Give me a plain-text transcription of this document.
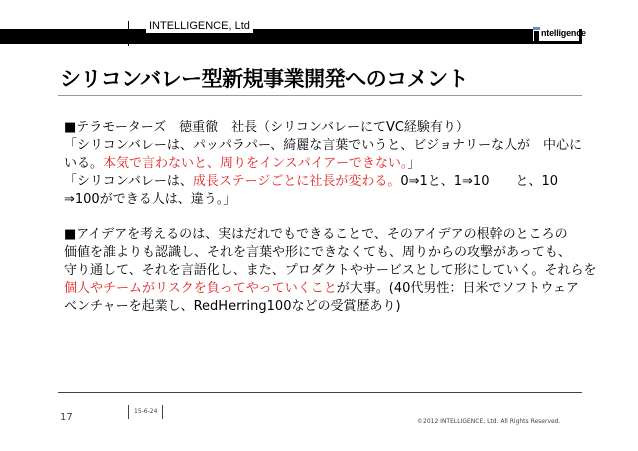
INTELLIGENCE, Ltd
ntelligence
シリコンバレー型新規事業開発へのコメント

■テラモーターズ　徳重徹　社長（シリコンバレーにてVC経験有り）

「シリコンバレーは、パッパラパー、綺麗な言葉でいうと、ビジョナリーな人が　中心に

いる。本気で言わないと、周りをインスパイアーできない。」

「シリコンバレーは、成長ステージごとに社長が変わる。0⇒1と、1⇒10　　と、10

⇒100ができる人は、違う。」

■アイデアを考えるのは、実はだれでもできることで、そのアイデアの根幹のところの

価値を誰よりも認識し、それを言葉や形にできなくても、周りからの攻撃があっても、

守り通して、それを言語化し、また、プロダクトやサービスとして形にしていく。それらを

個人やチームがリスクを負ってやっていくことが大事。(40代男性：日米でソフトウェア

ベンチャーを起業し、RedHerring100などの受賞歴あり)

17
15-6-24
©2012 INTELLIGENCE, Ltd. All Rights Reserved.
